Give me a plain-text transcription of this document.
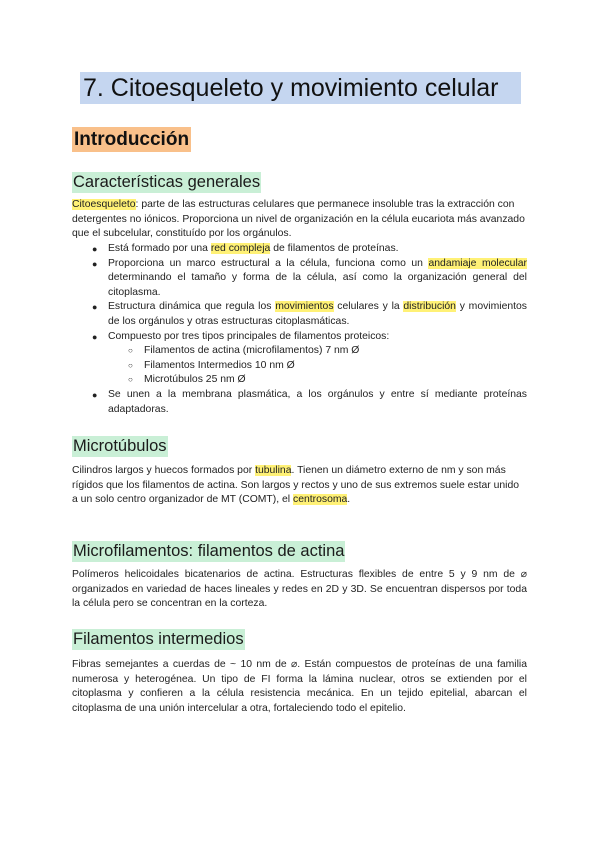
7. Citoesqueleto y movimiento celular
Introducción
Características generales

Citoesqueleto: parte de las estructuras celulares que permanece insoluble tras la extracción con detergentes no iónicos. Proporciona un nivel de organización en la célula eucariota más avanzado que el subcelular, constituído por los orgánulos.

● Está formado por una red compleja de filamentos de proteínas.
● Proporciona un marco estructural a la célula, funciona como un andamiaje molecular determinando el tamaño y forma de la célula, así como la organización general del citoplasma.
● Estructura dinámica que regula los movimientos celulares y la distribución y movimientos de los orgánulos y otras estructuras citoplasmáticas.
● Compuesto por tres tipos principales de filamentos proteicos:
○ Filamentos de actina (microfilamentos) 7 nm Ø
○ Filamentos Intermedios 10 nm Ø
○ Microtúbulos 25 nm Ø
● Se unen a la membrana plasmática, a los orgánulos y entre sí mediante proteínas adaptadoras.
Microtúbulos

Cilindros largos y huecos formados por tubulina. Tienen un diámetro externo de nm y son más rígidos que los filamentos de actina. Son largos y rectos y uno de sus extremos suele estar unido a un solo centro organizador de MT (COMT), el centrosoma.

Microfilamentos: filamentos de actina

Polímeros helicoidales bicatenarios de actina. Estructuras flexibles de entre 5 y 9 nm de ⌀ organizados en variedad de haces lineales y redes en 2D y 3D. Se encuentran dispersos por toda la célula pero se concentran en la corteza.

Filamentos intermedios

Fibras semejantes a cuerdas de ~ 10 nm de ⌀. Están compuestos de proteínas de una familia numerosa y heterogénea. Un tipo de FI forma la lámina nuclear, otros se extienden por el citoplasma y confieren a la célula resistencia mecánica. En un tejido epitelial, abarcan el citoplasma de una unión intercelular a otra, fortaleciendo todo el epitelio.
